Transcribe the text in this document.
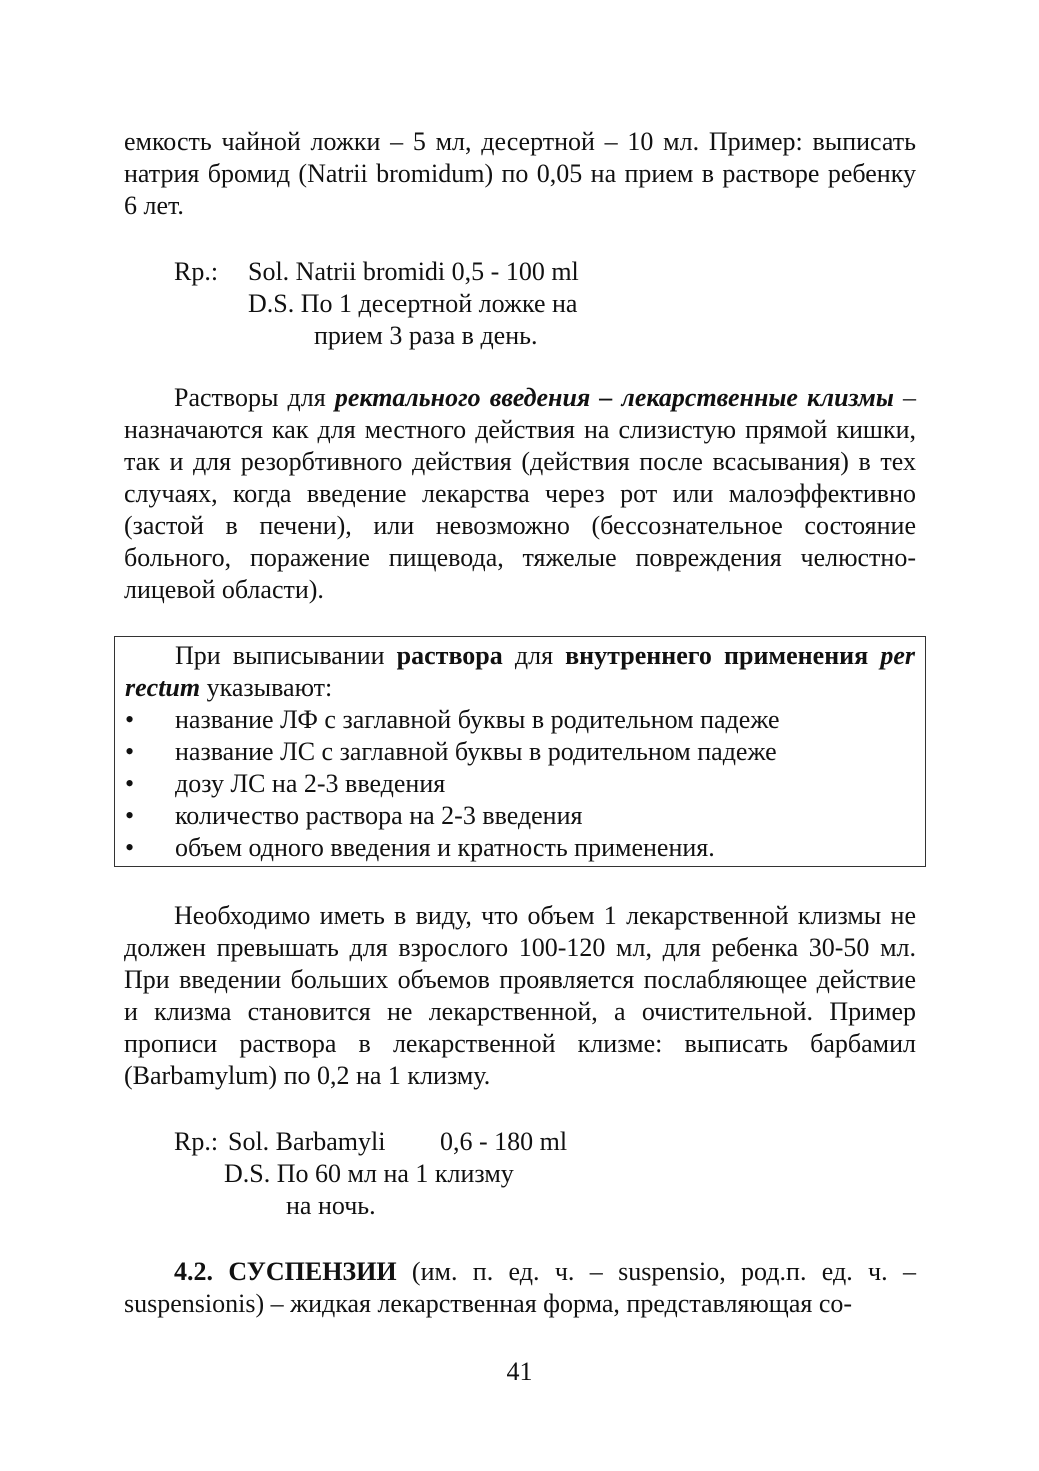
емкость чайной ложки – 5 мл, десертной – 10 мл. Пример: выписать натрия бромид (Natrii bromidum) по 0,05 на прием в растворе ребенку 6 лет.

Rp.: Sol. Natrii bromidi 0,5 - 100 ml
D.S. По 1 десертной ложке на
прием 3 раза в день.

Растворы для ректального введения – лекарственные клизмы – назначаются как для местного действия на слизистую прямой кишки, так и для резорбтивного действия (действия после всасывания) в тех случаях, когда введение лекарства через рот или малоэффективно (застой в печени), или невозможно (бессознательное состояние больного, поражение пищевода, тяжелые повреждения челюстно-лицевой области).

При выписывании раствора для внутреннего применения per rectum указывают:

• название ЛФ с заглавной буквы в родительном падеже
• название ЛС с заглавной буквы в родительном падеже
• дозу ЛС на 2-3 введения
• количество раствора на 2-3 введения
• объем одного введения и кратность применения.

Необходимо иметь в виду, что объем 1 лекарственной клизмы не должен превышать для взрослого 100-120 мл, для ребенка 30-50 мл. При введении больших объемов проявляется послабляющее действие и клизма становится не лекарственной, а очистительной. Пример прописи раствора в лекарственной клизме: выписать барбамил (Barbamylum) по 0,2 на 1 клизму.

Rp.: Sol. Barbamyli 0,6 - 180 ml
D.S. По 60 мл на 1 клизму
на ночь.

4.2. СУСПЕНЗИИ (им. п. ед. ч. – suspensio, род.п. ед. ч. – suspensionis) – жидкая лекарственная форма, представляющая со-

41
